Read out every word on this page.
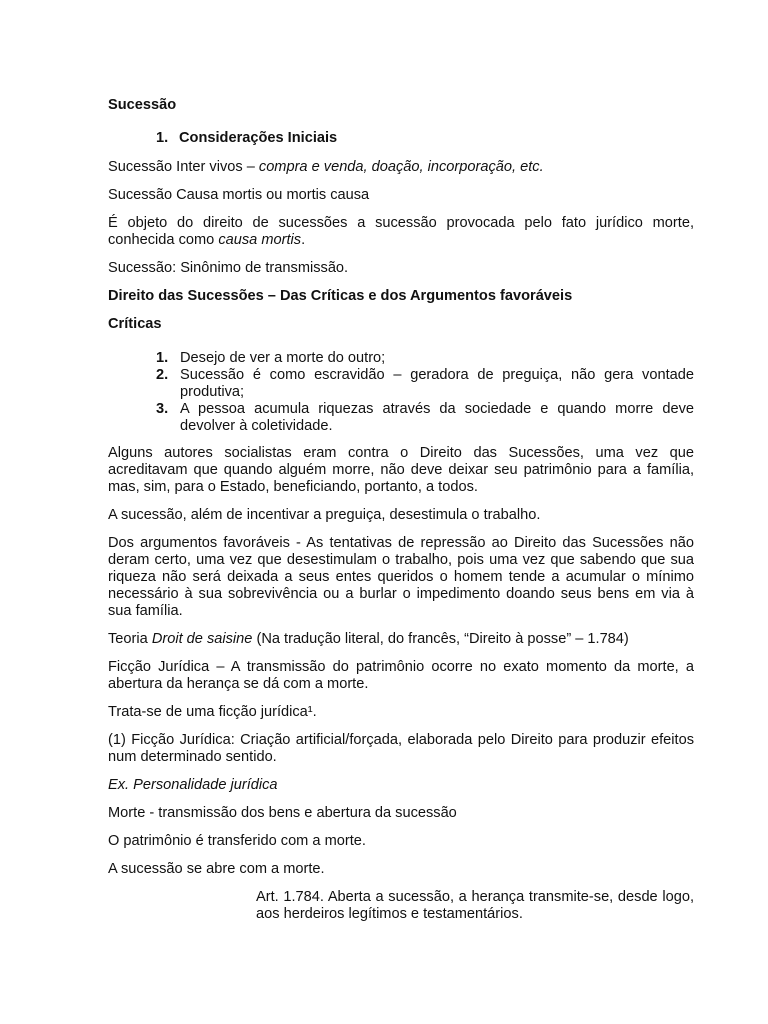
Sucessão

1. Considerações Iniciais

Sucessão Inter vivos – compra e venda, doação, incorporação, etc.

Sucessão Causa mortis ou mortis causa

É objeto do direito de sucessões a sucessão provocada pelo fato jurídico morte, conhecida como causa mortis.

Sucessão: Sinônimo de transmissão.

Direito das Sucessões – Das Críticas e dos Argumentos favoráveis

Críticas

1. Desejo de ver a morte do outro;
2. Sucessão é como escravidão – geradora de preguiça, não gera vontade produtiva;
3. A pessoa acumula riquezas através da sociedade e quando morre deve devolver à coletividade.

Alguns autores socialistas eram contra o Direito das Sucessões, uma vez que acreditavam que quando alguém morre, não deve deixar seu patrimônio para a família, mas, sim, para o Estado, beneficiando, portanto, a todos.

A sucessão, além de incentivar a preguiça, desestimula o trabalho.

Dos argumentos favoráveis - As tentativas de repressão ao Direito das Sucessões não deram certo, uma vez que desestimulam o trabalho, pois uma vez que sabendo que sua riqueza não será deixada a seus entes queridos o homem tende a acumular o mínimo necessário à sua sobrevivência ou a burlar o impedimento doando seus bens em via à sua família.

Teoria Droit de saisine (Na tradução literal, do francês, “Direito à posse” – 1.784)

Ficção Jurídica – A transmissão do patrimônio ocorre no exato momento da morte, a abertura da herança se dá com a morte.

Trata-se de uma ficção jurídica¹.

(1) Ficção Jurídica: Criação artificial/forçada, elaborada pelo Direito para produzir efeitos num determinado sentido.

Ex. Personalidade jurídica

Morte - transmissão dos bens e abertura da sucessão

O patrimônio é transferido com a morte.

A sucessão se abre com a morte.

Art. 1.784. Aberta a sucessão, a herança transmite-se, desde logo, aos herdeiros legítimos e testamentários.
